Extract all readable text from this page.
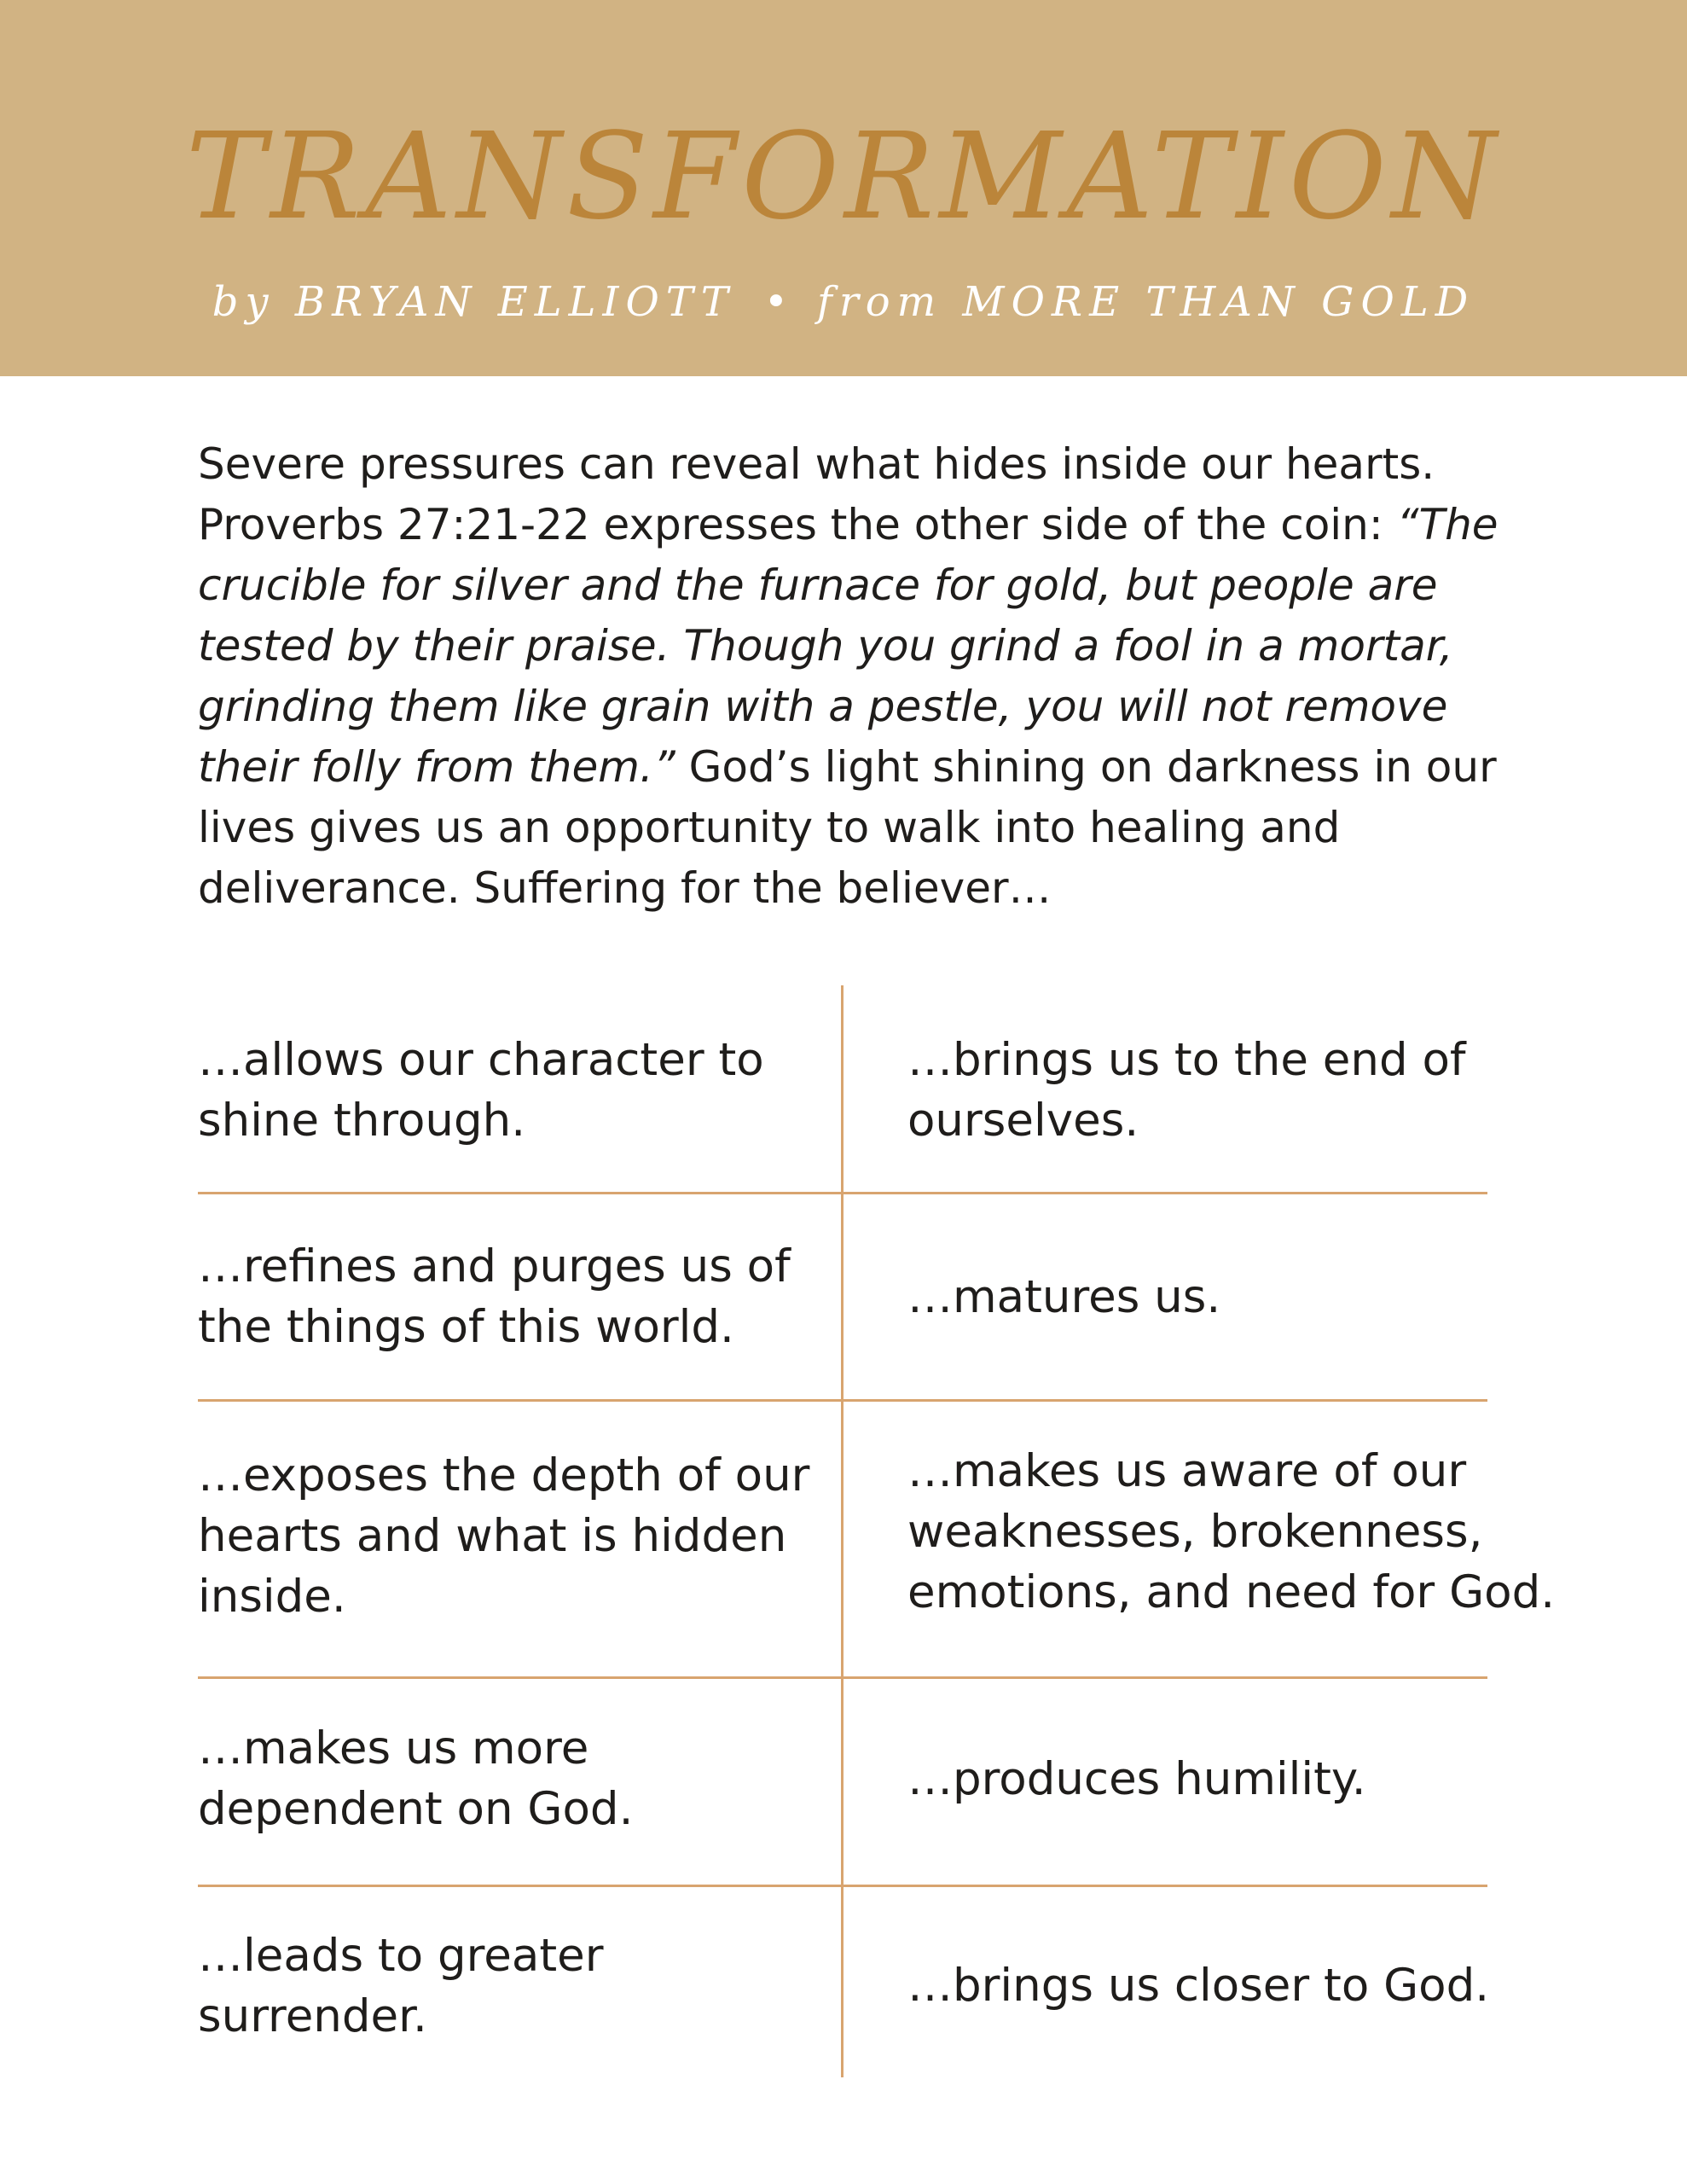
TRANSFORMATION
by BRYAN ELLIOTT • from MORE THAN GOLD
Severe pressures can reveal what hides inside our hearts. Proverbs 27:21-22 expresses the other side of the coin: “The crucible for silver and the furnace for gold, but people are tested by their praise. Though you grind a fool in a mortar, grinding them like grain with a pestle, you will not remove their folly from them.” God’s light shining on darkness in our lives gives us an opportunity to walk into healing and deliverance. Suffering for the believer…
…allows our character to shine through.
…brings us to the end of ourselves.
…refines and purges us of the things of this world.
…matures us.
…exposes the depth of our hearts and what is hidden inside.
…makes us aware of our weaknesses, brokenness, emotions, and need for God.
…makes us more dependent on God.
…produces humility.
…leads to greater surrender.
…brings us closer to God.
